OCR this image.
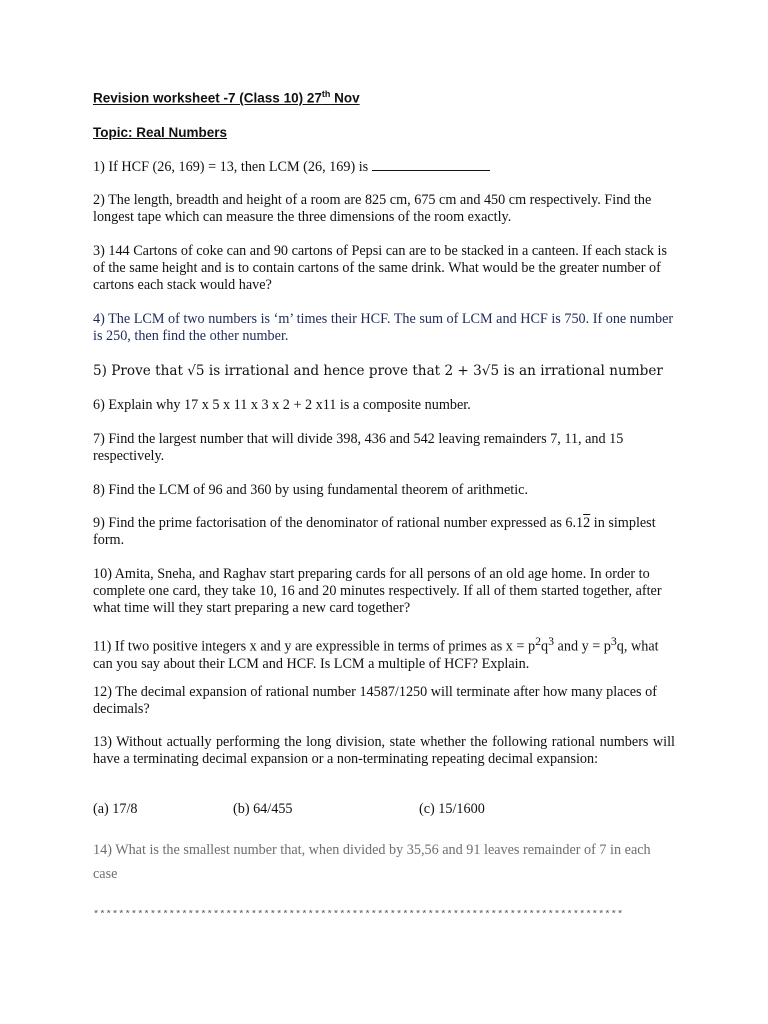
Revision worksheet -7 (Class 10) 27th Nov
Topic: Real Numbers

1) If HCF (26, 169) = 13, then LCM (26, 169) is

2) The length, breadth and height of a room are 825 cm, 675 cm and 450 cm respectively. Find the longest tape which can measure the three dimensions of the room exactly.

3) 144 Cartons of coke can and 90 cartons of Pepsi can are to be stacked in a canteen. If each stack is of the same height and is to contain cartons of the same drink. What would be the greater number of cartons each stack would have?

4) The LCM of two numbers is ‘m’ times their HCF. The sum of LCM and HCF is 750. If one number is 250, then find the other number.

5) Prove that √5 is irrational and hence prove that 2 + 3√5 is an irrational number

6) Explain why 17 x 5 x 11 x 3 x 2 + 2 x11 is a composite number.

7) Find the largest number that will divide 398, 436 and 542 leaving remainders 7, 11, and 15 respectively.

8) Find the LCM of 96 and 360 by using fundamental theorem of arithmetic.

9) Find the prime factorisation of the denominator of rational number expressed as 6.12 in simplest form.

10) Amita, Sneha, and Raghav start preparing cards for all persons of an old age home. In order to complete one card, they take 10, 16 and 20 minutes respectively. If all of them started together, after what time will they start preparing a new card together?

11) If two positive integers x and y are expressible in terms of primes as $x = p^2q^3$ and $y = p^3q$, what can you say about their LCM and HCF. Is LCM a multiple of HCF? Explain.

12) The decimal expansion of rational number 14587/1250 will terminate after how many places of decimals?

13) Without actually performing the long division, state whether the following rational numbers will have a terminating decimal expansion or a non-terminating repeating decimal expansion:

(a) 17/8	(b) 64/455	(c) 15/1600

14) What is the smallest number that, when divided by 35,56 and 91 leaves remainder of 7 in each case

************************************************************************************
